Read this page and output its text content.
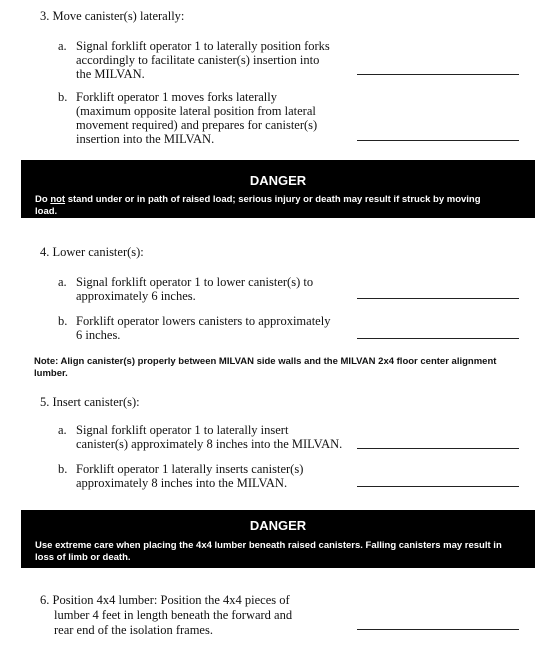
3. Move canister(s) laterally:
a. Signal forklift operator 1 to laterally position forks
accordingly to facilitate canister(s) insertion into
the MILVAN.
b. Forklift operator 1 moves forks laterally
(maximum opposite lateral position from lateral
movement required) and prepares for canister(s)
insertion into the MILVAN.
DANGER
Do not stand under or in path of raised load; serious injury or death may result if struck by moving
load.
4. Lower canister(s):
a. Signal forklift operator 1 to lower canister(s) to
approximately 6 inches.
b. Forklift operator lowers canisters to approximately
6 inches.
Note: Align canister(s) properly between MILVAN side walls and the MILVAN 2x4 floor center alignment
lumber.
5. Insert canister(s):
a. Signal forklift operator 1 to laterally insert
canister(s) approximately 8 inches into the MILVAN.
b. Forklift operator 1 laterally inserts canister(s)
approximately 8 inches into the MILVAN.
DANGER
Use extreme care when placing the 4x4 lumber beneath raised canisters. Falling canisters may result in
loss of limb or death.
6. Position 4x4 lumber: Position the 4x4 pieces of
lumber 4 feet in length beneath the forward and
rear end of the isolation frames.
